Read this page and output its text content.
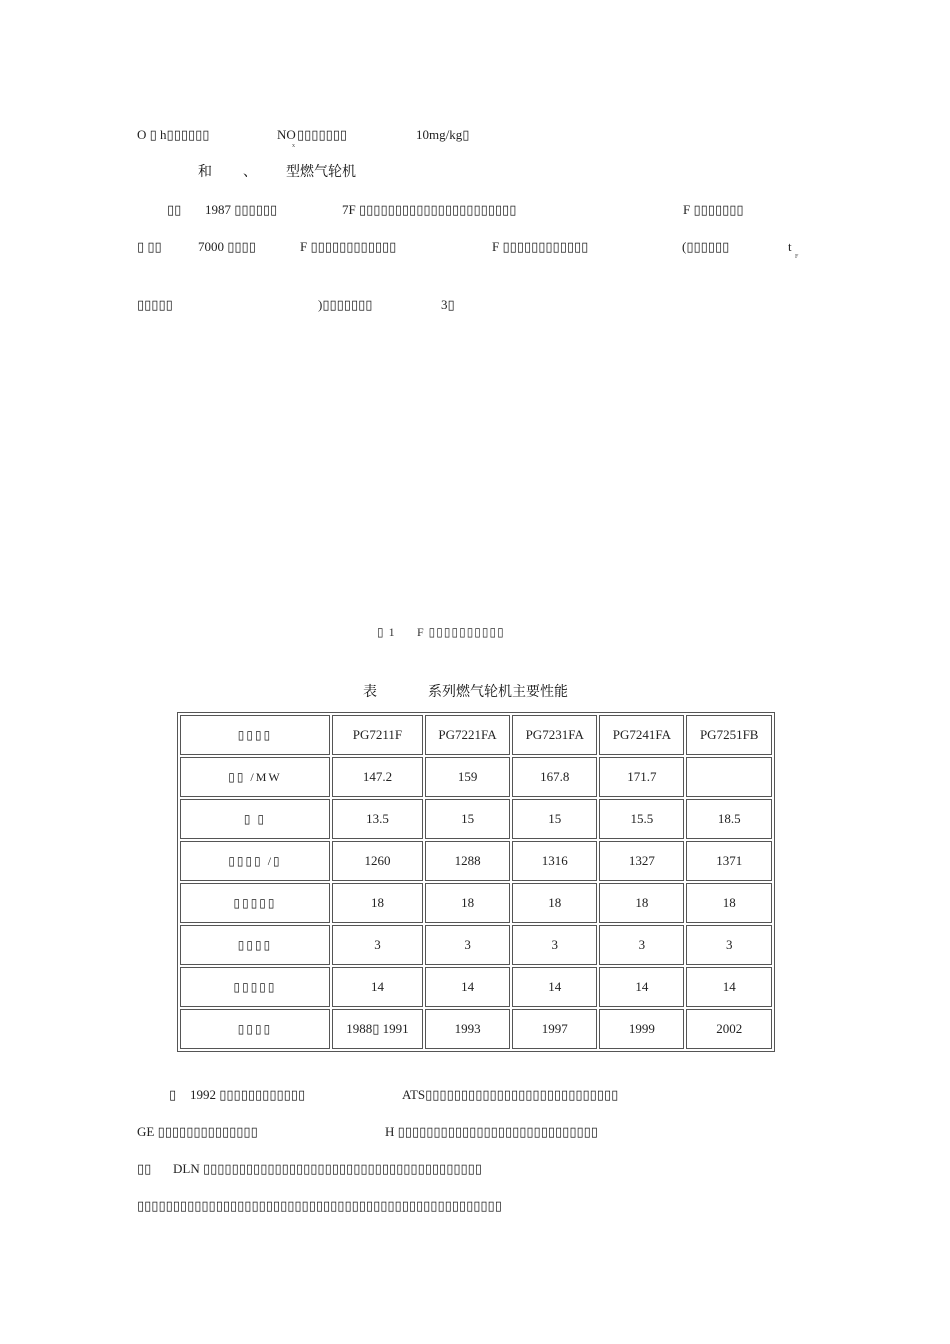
O ▯ h▯▯▯▯▯▯	NO
x
▯▯▯▯▯▯▯	10mg/kg▯
和 、 型燃气轮机
▯▯ 1987 ▯▯▯▯▯▯	7F ▯▯▯▯▯▯▯▯▯▯▯▯▯▯▯▯▯▯▯▯▯▯	F ▯▯▯▯▯▯▯
▯ ▯▯	7000 ▯▯▯▯	F ▯▯▯▯▯▯▯▯▯▯▯▯	F ▯▯▯▯▯▯▯▯▯▯▯▯	(▯▯▯▯▯▯	t
F
▯▯▯▯▯	)▯▯▯▯▯▯▯	3▯
▯ 1 F ▯▯▯▯▯▯▯▯▯▯
表	系列燃气轮机主要性能
▯▯▯▯	PG7211F	PG7221FA	PG7231FA	PG7241FA	PG7251FB
▯▯ /MW	147.2	159	167.8	171.7	
▯ ▯	13.5	15	15	15.5	18.5
▯▯▯▯ /▯	1260	1288	1316	1327	1371
▯▯▯▯▯	18	18	18	18	18
▯▯▯▯	3	3	3	3	3
▯▯▯▯▯	14	14	14	14	14
▯▯▯▯	1988▯ 1991	1993	1997	1999	2002
▯ 1992 ▯▯▯▯▯▯▯▯▯▯▯▯	ATS▯▯▯▯▯▯▯▯▯▯▯▯▯▯▯▯▯▯▯▯▯▯▯▯▯▯▯
GE ▯▯▯▯▯▯▯▯▯▯▯▯▯▯	H ▯▯▯▯▯▯▯▯▯▯▯▯▯▯▯▯▯▯▯▯▯▯▯▯▯▯▯▯
▯▯ DLN ▯▯▯▯▯▯▯▯▯▯▯▯▯▯▯▯▯▯▯▯▯▯▯▯▯▯▯▯▯▯▯▯▯▯▯▯▯▯▯
▯▯▯▯▯▯▯▯▯▯▯▯▯▯▯▯▯▯▯▯▯▯▯▯▯▯▯▯▯▯▯▯▯▯▯▯▯▯▯▯▯▯▯▯▯▯▯▯▯▯▯
